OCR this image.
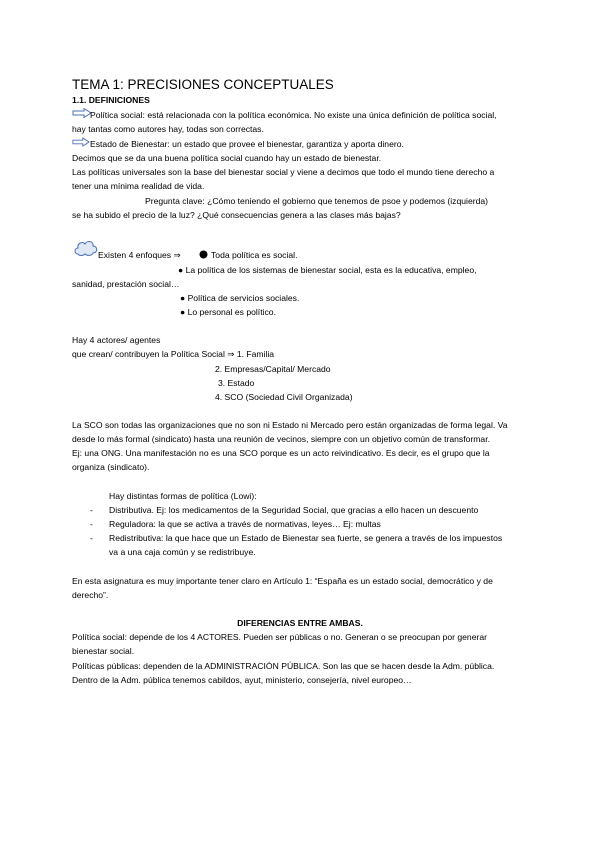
TEMA 1: PRECISIONES CONCEPTUALES
1.1. DEFINICIONES
Política social: está relacionada con la política económica. No existe una única definición de política social,
hay tantas como autores hay, todas son correctas.
Estado de Bienestar: un estado que provee el bienestar, garantiza y aporta dinero.
Decimos que se da una buena política social cuando hay un estado de bienestar.
Las políticas universales son la base del bienestar social y viene a decimos que todo el mundo tiene derecho a
tener una mínima realidad de vida.
Pregunta clave: ¿Cómo teniendo el gobierno que tenemos de psoe y podemos (izquierda)
se ha subido el precio de la luz? ¿Qué consecuencias genera a las clases más bajas?
Existen 4 enfoques ⇒	Toda política es social.
● La política de los sistemas de bienestar social, esta es la educativa, empleo,
sanidad, prestación social…
● Política de servicios sociales.
● Lo personal es político.
Hay 4 actores/ agentes
que crean/ contribuyen la Política Social ⇒ 1. Familia
2. Empresas/Capital/ Mercado
3. Estado
4. SCO (Sociedad Civil Organizada)
La SCO son todas las organizaciones que no son ni Estado ni Mercado pero están organizadas de forma legal. Va
desde lo más formal (sindicato) hasta una reunión de vecinos, siempre con un objetivo común de transformar.
Ej: una ONG. Una manifestación no es una SCO porque es un acto reivindicativo. Es decir, es el grupo que la
organiza (sindicato).
Hay distintas formas de política (Lowi):
- Distributiva. Ej: los medicamentos de la Seguridad Social, que gracias a ello hacen un descuento
- Reguladora: la que se activa a través de normativas, leyes… Ej: multas
- Redistributiva: la que hace que un Estado de Bienestar sea fuerte, se genera a través de los impuestos
va a una caja común y se redistribuye.
En esta asignatura es muy importante tener claro en Artículo 1: “España es un estado social, democrático y de
derecho”.
DIFERENCIAS ENTRE AMBAS.
Política social: depende de los 4 ACTORES. Pueden ser públicas o no. Generan o se preocupan por generar
bienestar social.
Políticas públicas: dependen de la ADMINISTRACIÓN PÚBLICA. Son las que se hacen desde la Adm. pública.
Dentro de la Adm. pública tenemos cabildos, ayut, ministerio, consejería, nivel europeo…
